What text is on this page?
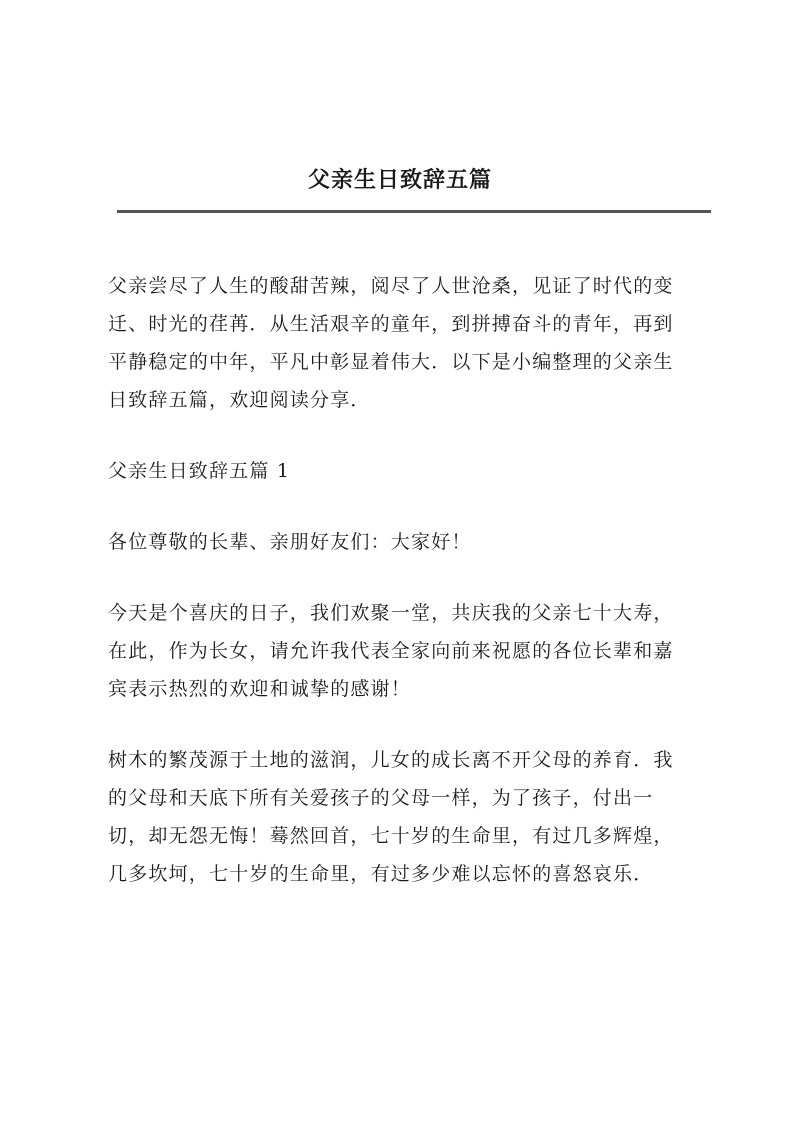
父亲生日致辞五篇

父亲尝尽了人生的酸甜苦辣，阅尽了人世沧桑，见证了时代的变
迁、时光的荏苒．从生活艰辛的童年，到拼搏奋斗的青年，再到
平静稳定的中年，平凡中彰显着伟大．以下是小编整理的父亲生
日致辞五篇，欢迎阅读分享．

父亲生日致辞五篇 1

各位尊敬的长辈、亲朋好友们：大家好！

今天是个喜庆的日子，我们欢聚一堂，共庆我的父亲七十大寿，
在此，作为长女，请允许我代表全家向前来祝愿的各位长辈和嘉
宾表示热烈的欢迎和诚挚的感谢！

树木的繁茂源于土地的滋润，儿女的成长离不开父母的养育．我
的父母和天底下所有关爱孩子的父母一样，为了孩子，付出一
切，却无怨无悔！蓦然回首，七十岁的生命里，有过几多辉煌，
几多坎坷，七十岁的生命里，有过多少难以忘怀的喜怒哀乐．
